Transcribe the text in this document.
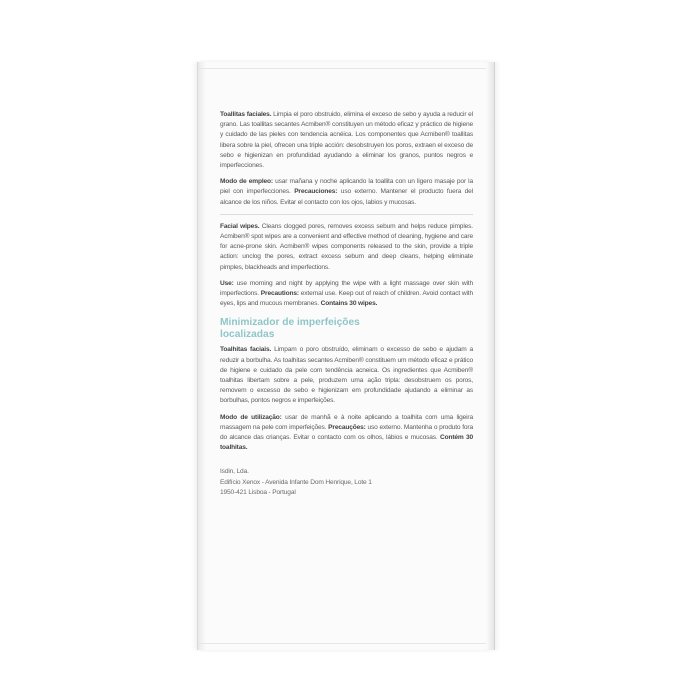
Toallitas faciales. Limpia el poro obstruido, elimina el exceso de sebo y ayuda a reducir el grano. Las toallitas secantes Acmiben® constituyen un método eficaz y práctico de higiene y cuidado de las pieles con tendencia acnéica. Los componentes que Acmiben® toallitas libera sobre la piel, ofrecen una triple acción: desobstruyen los poros, extraen el exceso de sebo e higienizan en profundidad ayudando a eliminar los granos, puntos negros e imperfecciones.

Modo de empleo: usar mañana y noche aplicando la toallita con un ligero masaje por la piel con imperfecciones. Precauciones: uso externo. Mantener el producto fuera del alcance de los niños. Evitar el contacto con los ojos, labios y mucosas.

Facial wipes. Cleans clogged pores, removes excess sebum and helps reduce pimples. Acmiben® spot wipes are a convenient and effective method of cleaning, hygiene and care for acne-prone skin. Acmiben® wipes components released to the skin, provide a triple action: unclog the pores, extract excess sebum and deep cleans, helping eliminate pimples, blackheads and imperfections.

Use: use morning and night by applying the wipe with a light massage over skin with imperfections. Precautions: external use. Keep out of reach of children. Avoid contact with eyes, lips and mucous membranes. Contains 30 wipes.

Minimizador de imperfeições
localizadas

Toalhitas faciais. Limpam o poro obstruído, eliminam o excesso de sebo e ajudam a reduzir a borbulha. As toalhitas secantes Acmiben® constituem um método eficaz e prático de higiene e cuidado da pele com tendência acneica. Os ingredientes que Acmiben® toalhitas libertam sobre a pele, produzem uma ação tripla: desobstruem os poros, removem o excesso de sebo e higienizam em profundidade ajudando a eliminar as borbulhas, pontos negros e imperfeições.

Modo de utilização: usar de manhã e à noite aplicando a toalhita com uma ligeira massagem na pele com imperfeições. Precauções: uso externo. Mantenha o produto fora do alcance das crianças. Evitar o contacto com os olhos, lábios e mucosas. Contém 30 toalhitas.

Isdin, Lda.
Edifício Xenox - Avenida Infante Dom Henrique, Lote 1
1950-421 Lisboa - Portugal
